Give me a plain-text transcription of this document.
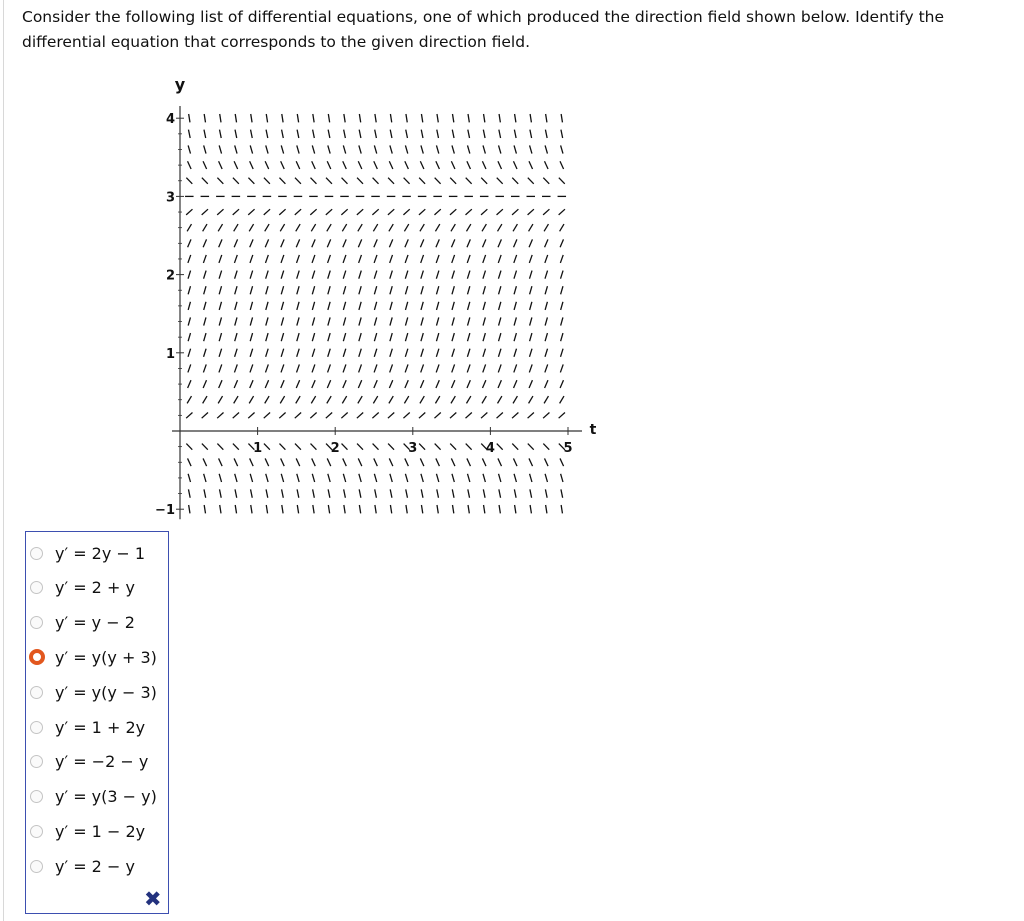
Consider the following list of differential equations, one of which produced the direction field shown below. Identify the differential equation that corresponds to the given direction field.
y
t
4
3
2
1
−1
1	2	3	4	5
y′ = 2y − 1
y′ = 2 + y
y′ = y − 2
y′ = y(y + 3)
y′ = y(y − 3)
y′ = 1 + 2y
y′ = −2 − y
y′ = y(3 − y)
y′ = 1 − 2y
y′ = 2 − y
✖
